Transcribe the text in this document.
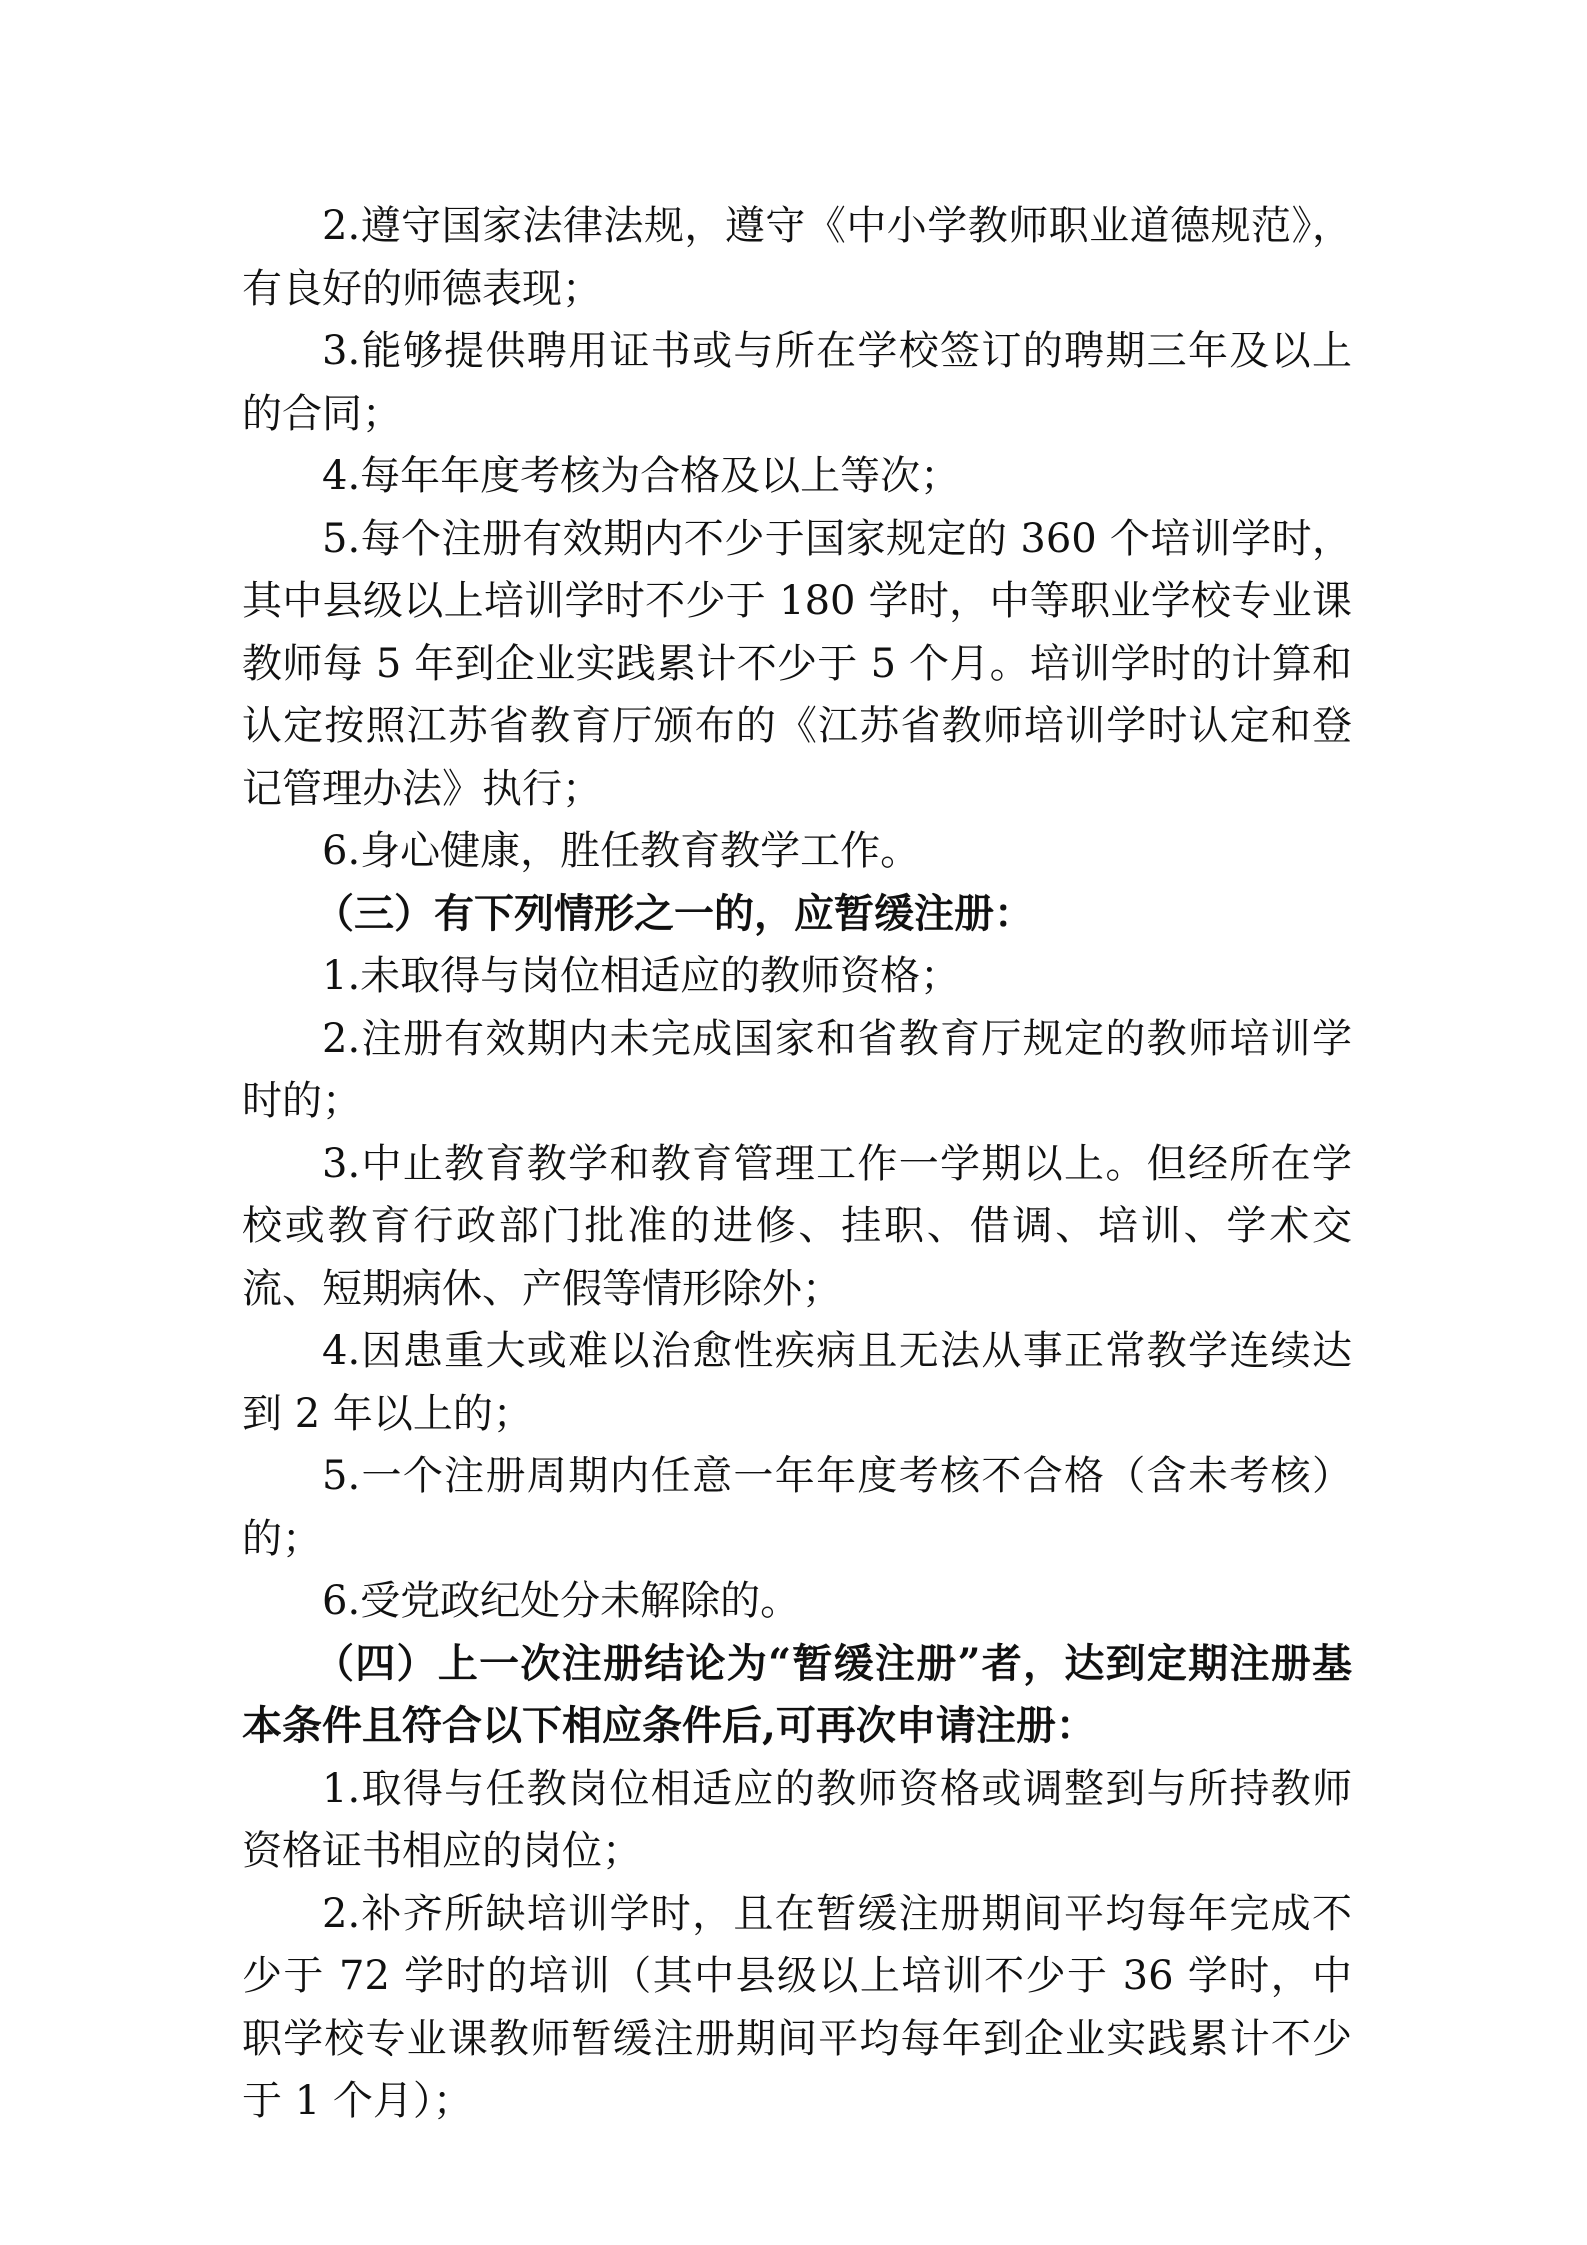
2.遵守国家法律法规，遵守《中小学教师职业道德规范》，有良好的师德表现；

3.能够提供聘用证书或与所在学校签订的聘期三年及以上的合同；

4.每年年度考核为合格及以上等次；

5.每个注册有效期内不少于国家规定的 360 个培训学时，其中县级以上培训学时不少于 180 学时，中等职业学校专业课教师每 5 年到企业实践累计不少于 5 个月。培训学时的计算和认定按照江苏省教育厅颁布的《江苏省教师培训学时认定和登记管理办法》执行；

6.身心健康，胜任教育教学工作。

（三）有下列情形之一的，应暂缓注册：

1.未取得与岗位相适应的教师资格；

2.注册有效期内未完成国家和省教育厅规定的教师培训学时的；

3.中止教育教学和教育管理工作一学期以上。但经所在学校或教育行政部门批准的进修、挂职、借调、培训、学术交流、短期病休、产假等情形除外；

4.因患重大或难以治愈性疾病且无法从事正常教学连续达到 2 年以上的；

5.一个注册周期内任意一年年度考核不合格（含未考核）的；

6.受党政纪处分未解除的。

（四）上一次注册结论为“暂缓注册”者，达到定期注册基本条件且符合以下相应条件后,可再次申请注册：

1.取得与任教岗位相适应的教师资格或调整到与所持教师资格证书相应的岗位；

2.补齐所缺培训学时，且在暂缓注册期间平均每年完成不少于 72 学时的培训（其中县级以上培训不少于 36 学时，中职学校专业课教师暂缓注册期间平均每年到企业实践累计不少于 1 个月）；
